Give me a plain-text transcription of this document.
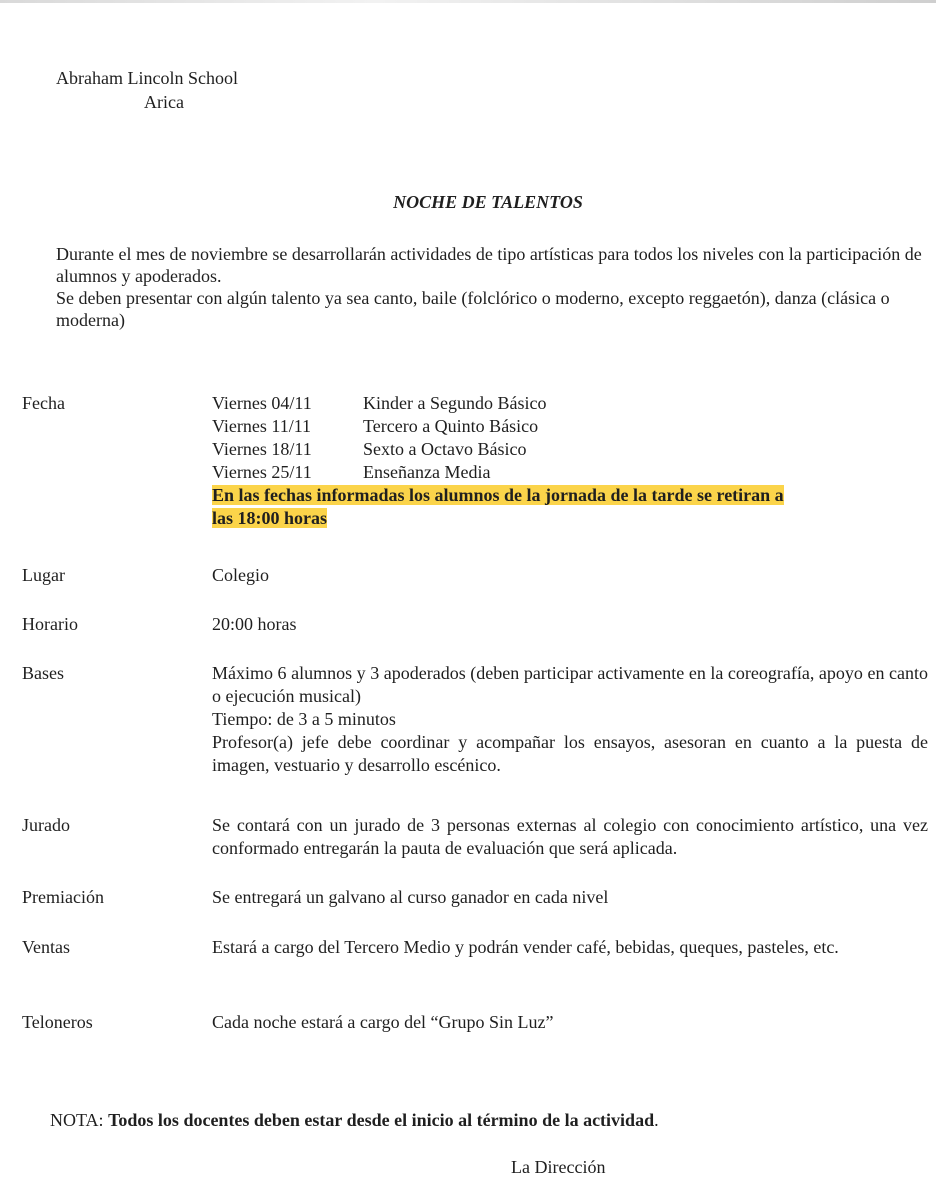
Abraham Lincoln School
Arica
NOCHE DE TALENTOS

Durante el mes de noviembre se desarrollarán actividades de tipo artísticas para todos los niveles con la participación de alumnos y apoderados.

Se deben presentar con algún talento ya sea canto, baile (folclórico o moderno, excepto reggaetón), danza (clásica o moderna)

Fecha	Viernes 04/11	Kinder a Segundo Básico
Viernes 11/11	Tercero a Quinto Básico
Viernes 18/11	Sexto a Octavo Básico
Viernes 25/11	Enseñanza Media
En las fechas informadas los alumnos de la jornada de la tarde se retiran a
las 18:00 horas
Lugar	Colegio
Horario	20:00 horas
Bases	Máximo 6 alumnos y 3 apoderados (deben participar activamente en la coreografía, apoyo en canto o ejecución musical)

Tiempo: de 3 a 5 minutos

Profesor(a) jefe debe coordinar y acompañar los ensayos, asesoran en cuanto a la puesta de imagen, vestuario y desarrollo escénico.

Jurado	Se contará con un jurado de 3 personas externas al colegio con conocimiento artístico, una vez conformado entregarán la pauta de evaluación que será aplicada.
Premiación	Se entregará un galvano al curso ganador en cada nivel
Ventas	Estará a cargo del Tercero Medio y podrán vender café, bebidas, queques, pasteles, etc.
Teloneros	Cada noche estará a cargo del “Grupo Sin Luz”
NOTA: Todos los docentes deben estar desde el inicio al término de la actividad.
La Dirección
